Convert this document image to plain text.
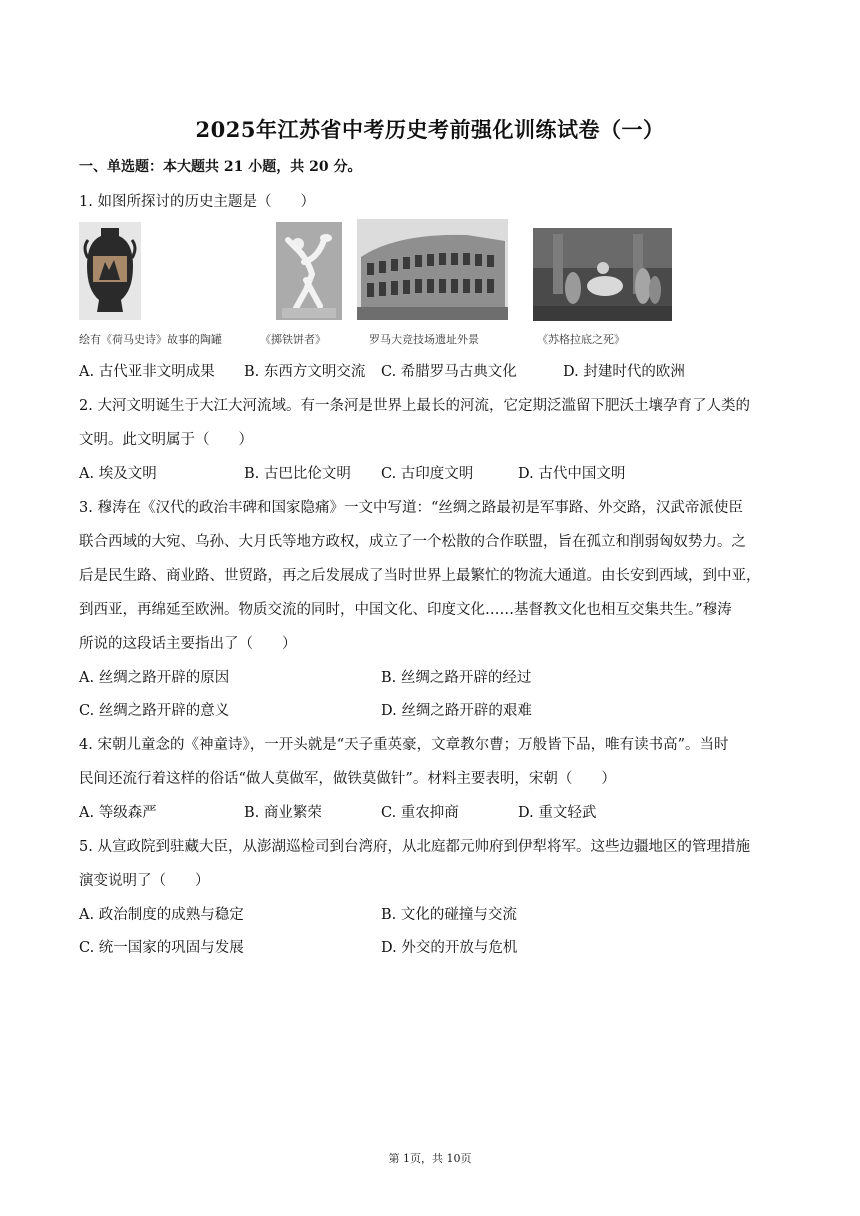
2025年江苏省中考历史考前强化训练试卷（一）
一、单选题：本大题共 21 小题，共 20 分。
1. 如图所探讨的历史主题是（　　）
绘有《荷马史诗》故事的陶罐	《掷铁饼者》	罗马大竞技场遗址外景	《苏格拉底之死》
A. 古代亚非文明成果 B. 东西方文明交流 C. 希腊罗马古典文化	D. 封建时代的欧洲
2. 大河文明诞生于大江大河流域。有一条河是世界上最长的河流，它定期泛滥留下肥沃土壤孕育了人类的
文明。此文明属于（　　）
A. 埃及文明	B. 古巴比伦文明 C. 古印度文明	D. 古代中国文明
3. 穆涛在《汉代的政治丰碑和国家隐痛》一文中写道：“丝绸之路最初是军事路、外交路，汉武帝派使臣
联合西域的大宛、乌孙、大月氏等地方政权，成立了一个松散的合作联盟，旨在孤立和削弱匈奴势力。之
后是民生路、商业路、世贸路，再之后发展成了当时世界上最繁忙的物流大通道。由长安到西域，到中亚，
到西亚，再绵延至欧洲。物质交流的同时，中国文化、印度文化……基督教文化也相互交集共生。”穆涛
所说的这段话主要指出了（　　）
A. 丝绸之路开辟的原因	B. 丝绸之路开辟的经过
C. 丝绸之路开辟的意义	D. 丝绸之路开辟的艰难
4. 宋朝儿童念的《神童诗》，一开头就是“天子重英豪，文章教尔曹；万般皆下品，唯有读书高”。当时
民间还流行着这样的俗话“做人莫做军，做铁莫做针”。材料主要表明，宋朝（　　）
A. 等级森严	B. 商业繁荣	C. 重农抑商	D. 重文轻武
5. 从宣政院到驻藏大臣，从澎湖巡检司到台湾府，从北庭都元帅府到伊犁将军。这些边疆地区的管理措施
演变说明了（　　）
A. 政治制度的成熟与稳定	B. 文化的碰撞与交流
C. 统一国家的巩固与发展	D. 外交的开放与危机
第 1页，共 10页
